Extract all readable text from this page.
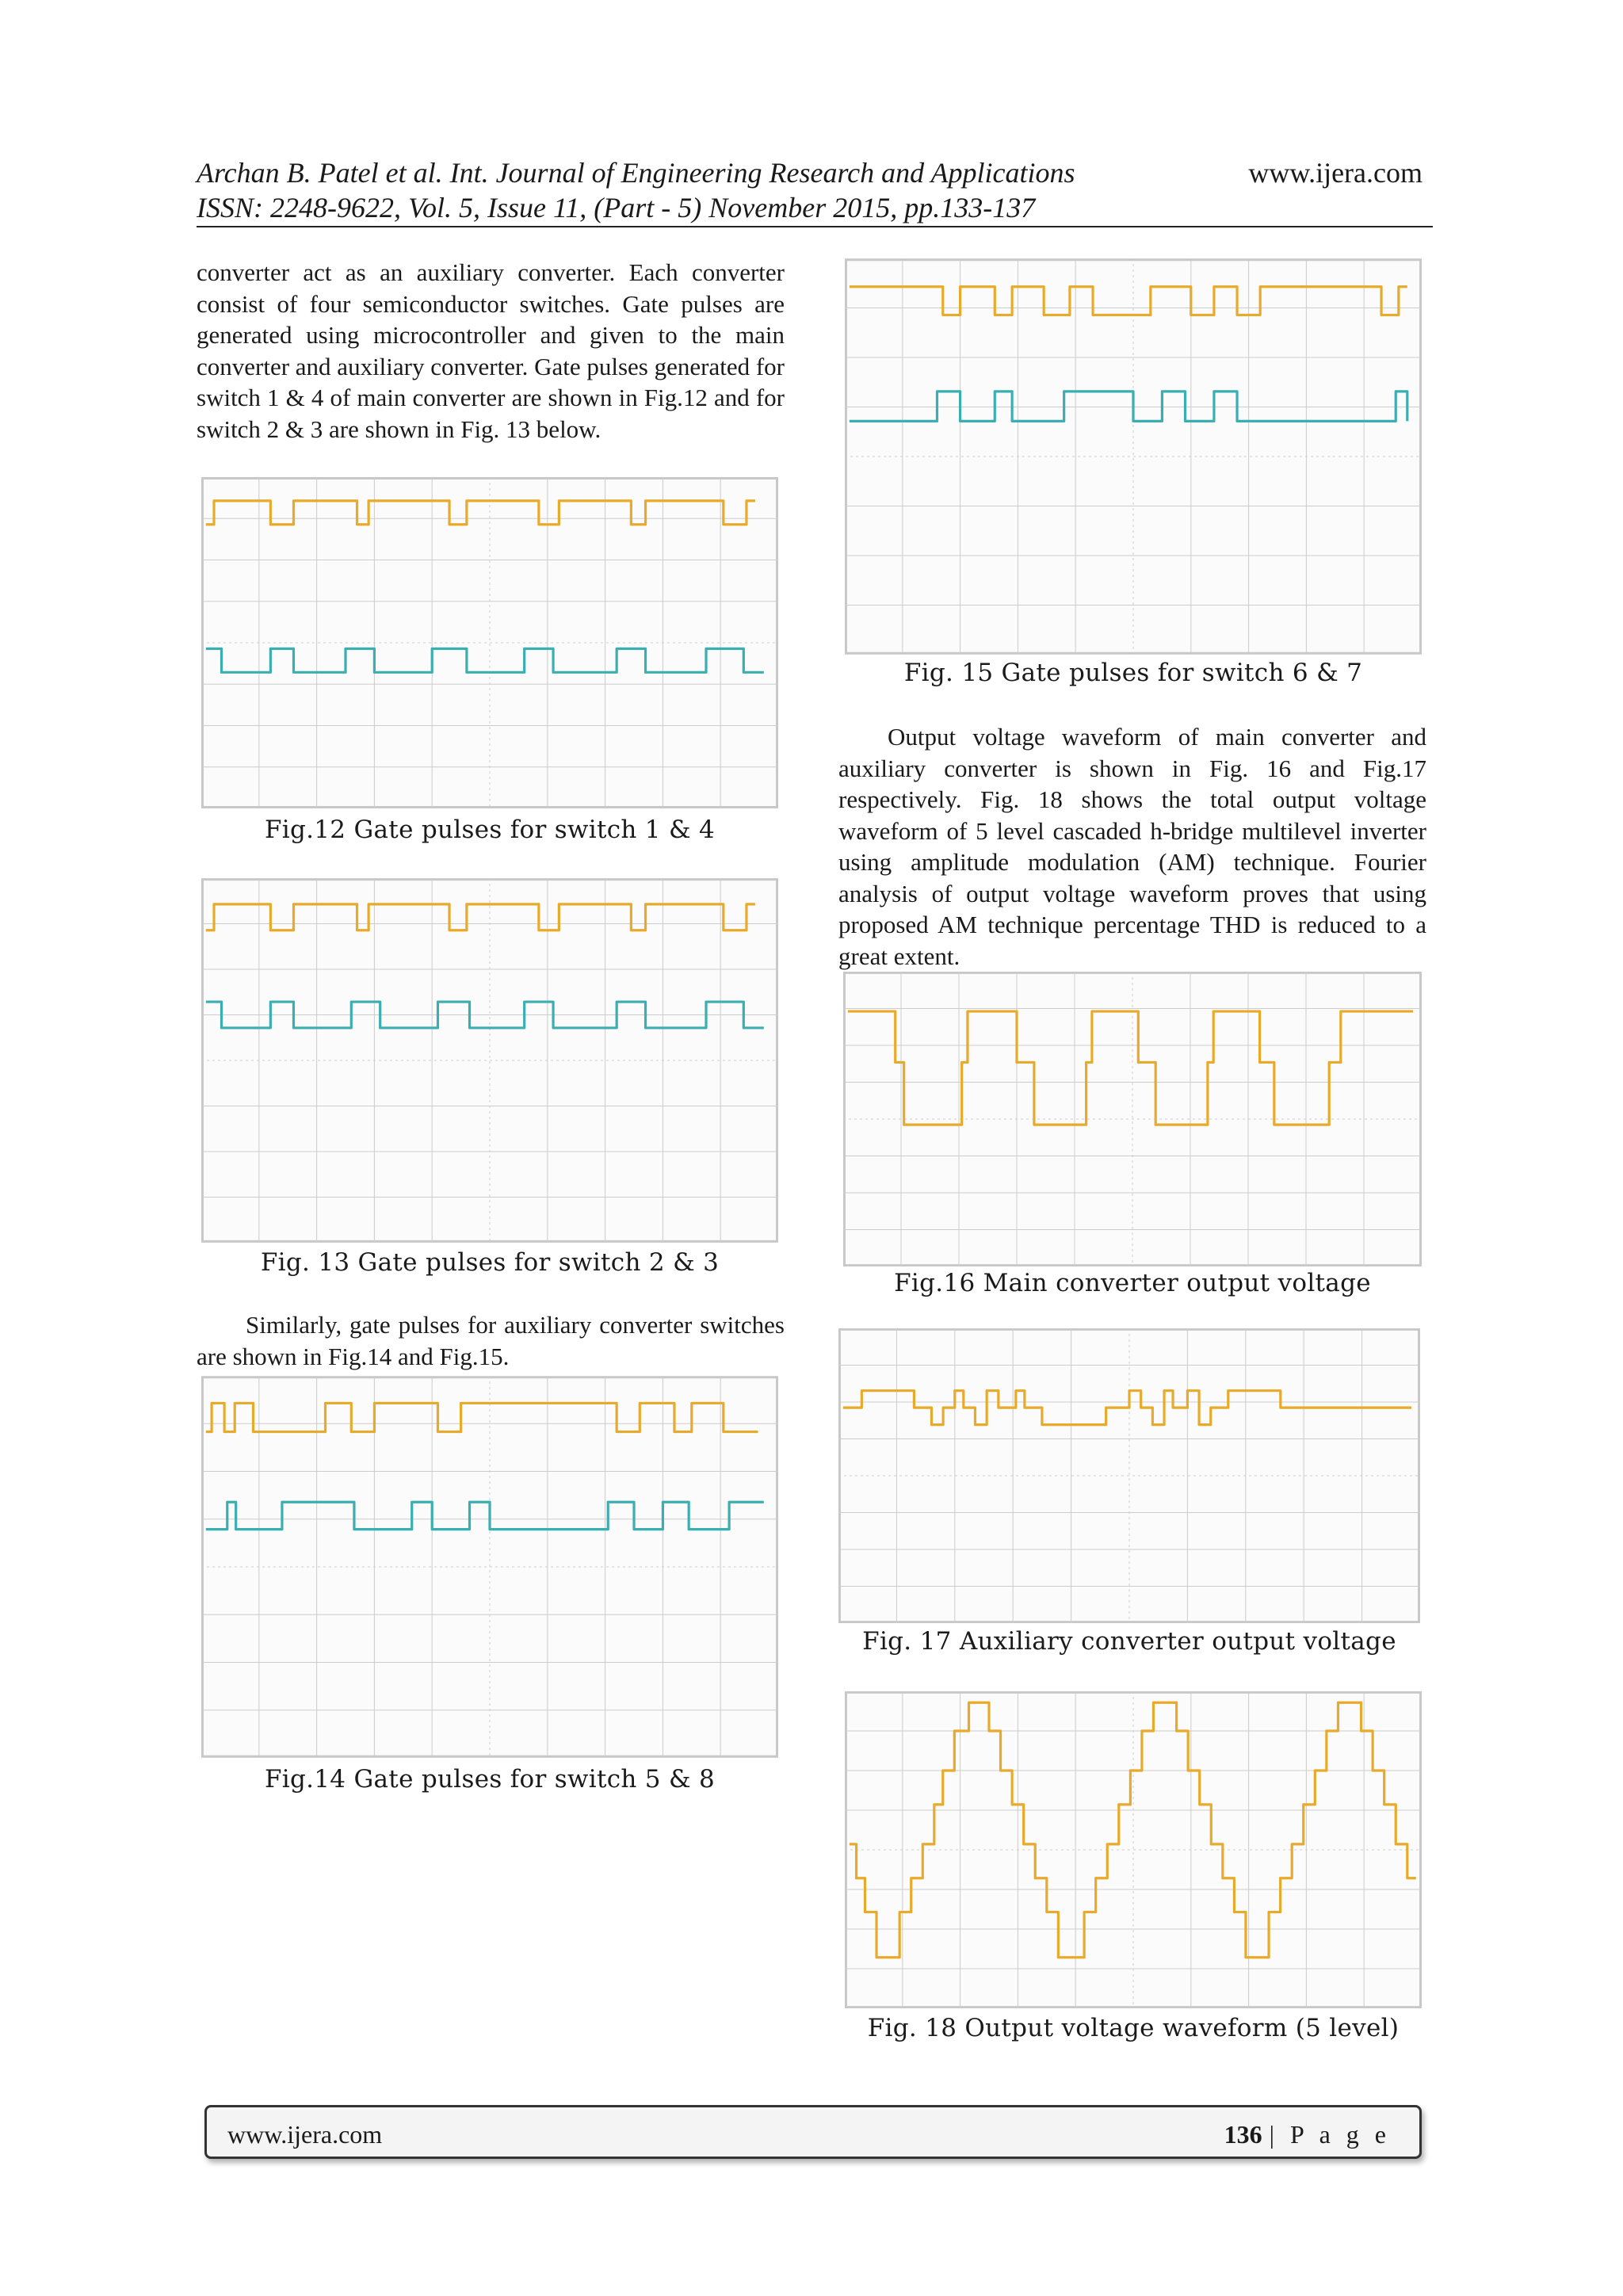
Archan B. Patel et al. Int. Journal of Engineering Research and Applications
ISSN: 2248-9622, Vol. 5, Issue 11, (Part - 5) November 2015, pp.133-137
www.ijera.com

converter act as an auxiliary converter. Each converter consist of four semiconductor switches. Gate pulses are generated using microcontroller and given to the main converter and auxiliary converter. Gate pulses generated for switch 1 & 4 of main converter are shown in Fig.12 and for switch 2 & 3 are shown in Fig. 13 below.

Fig.12 Gate pulses for switch 1 & 4
Fig. 13 Gate pulses for switch 2 & 3

Similarly, gate pulses for auxiliary converter switches are shown in Fig.14 and Fig.15.

Fig.14 Gate pulses for switch 5 & 8
Fig. 15 Gate pulses for switch 6 & 7

Output voltage waveform of main converter and auxiliary converter is shown in Fig. 16 and Fig.17 respectively. Fig. 18 shows the total output voltage waveform of 5 level cascaded h-bridge multilevel inverter using amplitude modulation (AM) technique. Fourier analysis of output voltage waveform proves that using proposed AM technique percentage THD is reduced to a great extent.

Fig.16 Main converter output voltage
Fig. 17 Auxiliary converter output voltage
Fig. 18 Output voltage waveform (5 level)
www.ijera.com	136 | P a g e
